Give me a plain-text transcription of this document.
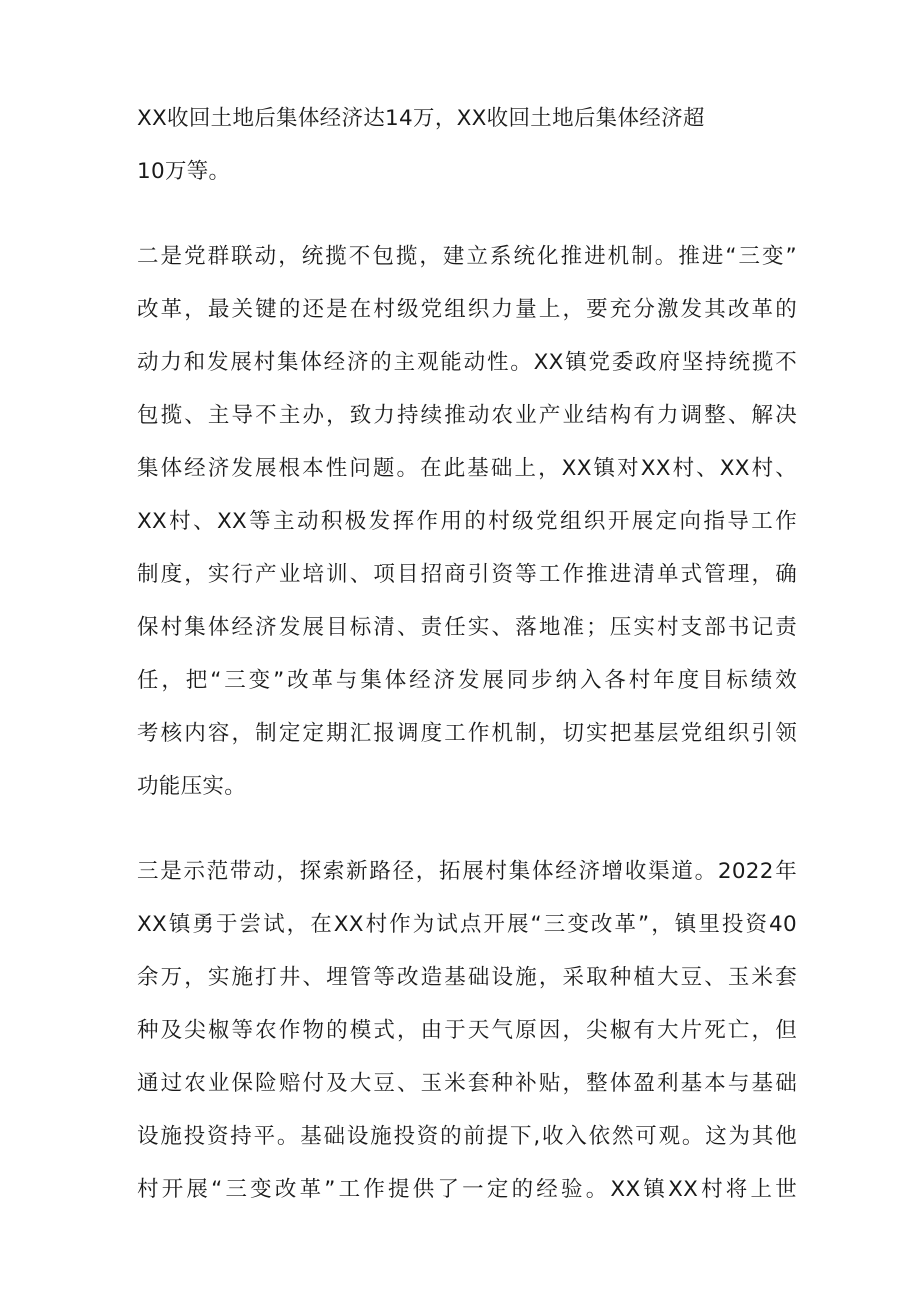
XX收回土地后集体经济达14万，XX收回土地后集体经济超
10万等。
二是党群联动，统揽不包揽，建立系统化推进机制。推进“三变”
改革，最关键的还是在村级党组织力量上，要充分激发其改革的
动力和发展村集体经济的主观能动性。XX镇党委政府坚持统揽不
包揽、主导不主办，致力持续推动农业产业结构有力调整、解决
集体经济发展根本性问题。在此基础上，XX镇对XX村、XX村、
XX村、XX等主动积极发挥作用的村级党组织开展定向指导工作
制度，实行产业培训、项目招商引资等工作推进清单式管理，确
保村集体经济发展目标清、责任实、落地准；压实村支部书记责
任，把“三变”改革与集体经济发展同步纳入各村年度目标绩效
考核内容，制定定期汇报调度工作机制，切实把基层党组织引领
功能压实。
三是示范带动，探索新路径，拓展村集体经济增收渠道。2022年
XX镇勇于尝试，在XX村作为试点开展“三变改革”，镇里投资40
余万，实施打井、埋管等改造基础设施，采取种植大豆、玉米套
种及尖椒等农作物的模式，由于天气原因，尖椒有大片死亡，但
通过农业保险赔付及大豆、玉米套种补贴，整体盈利基本与基础
设施投资持平。基础设施投资的前提下,收入依然可观。这为其他
村开展“三变改革”工作提供了一定的经验。XX镇XX村将上世
